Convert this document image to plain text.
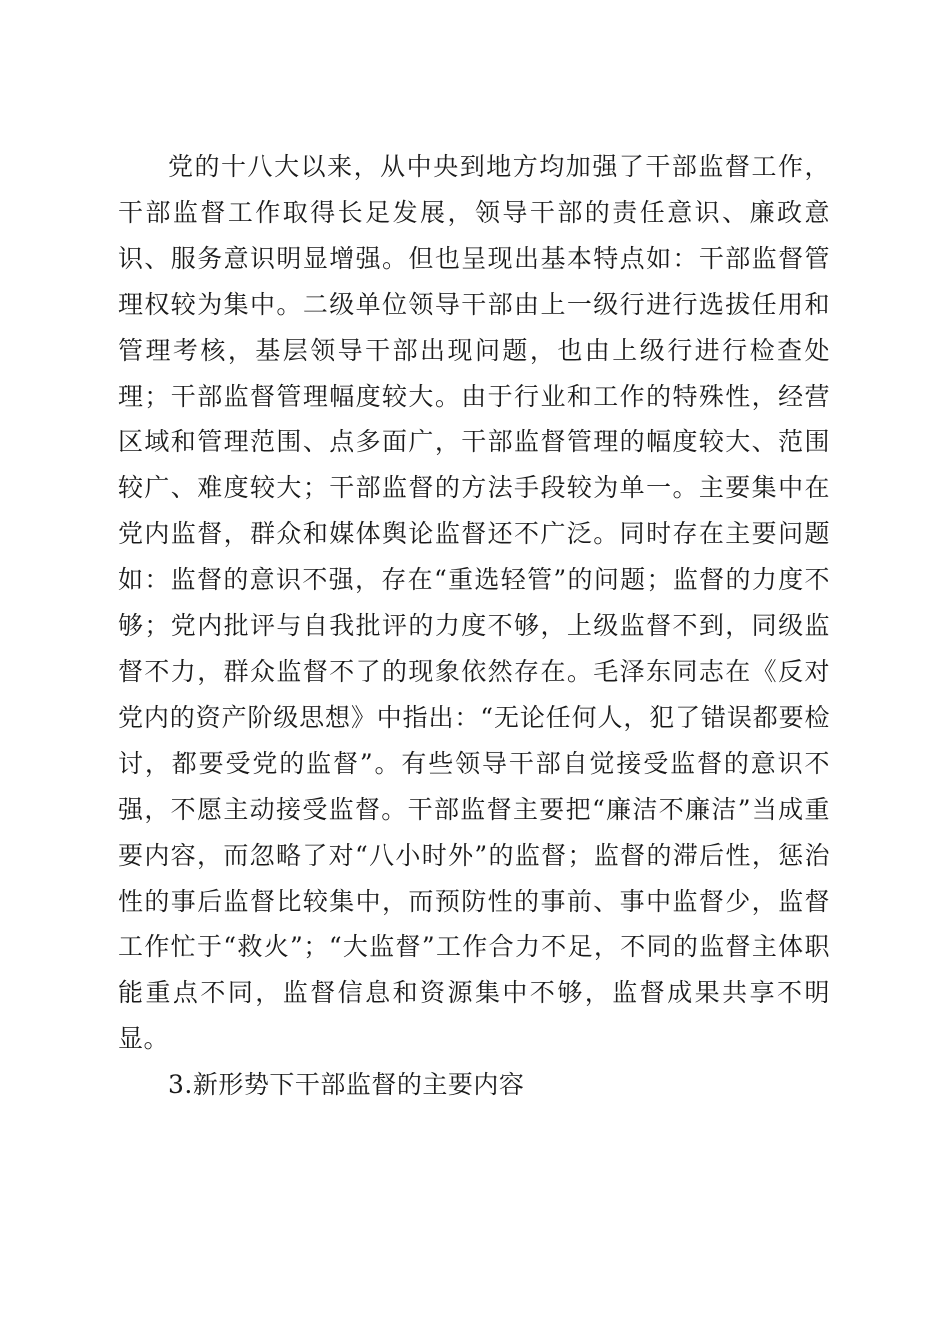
党的十八大以来，从中央到地方均加强了干部监督工作，干部监督工作取得长足发展，领导干部的责任意识、廉政意识、服务意识明显增强。但也呈现出基本特点如：干部监督管理权较为集中。二级单位领导干部由上一级行进行选拔任用和管理考核，基层领导干部出现问题，也由上级行进行检查处理；干部监督管理幅度较大。由于行业和工作的特殊性，经营区域和管理范围、点多面广，干部监督管理的幅度较大、范围较广、难度较大；干部监督的方法手段较为单一。主要集中在党内监督，群众和媒体舆论监督还不广泛。同时存在主要问题如：监督的意识不强，存在“重选轻管”的问题；监督的力度不够；党内批评与自我批评的力度不够，上级监督不到，同级监督不力，群众监督不了的现象依然存在。毛泽东同志在《反对党内的资产阶级思想》中指出：“无论任何人，犯了错误都要检讨，都要受党的监督”。有些领导干部自觉接受监督的意识不强，不愿主动接受监督。干部监督主要把“廉洁不廉洁”当成重要内容，而忽略了对“八小时外”的监督；监督的滞后性，惩治性的事后监督比较集中，而预防性的事前、事中监督少，监督工作忙于“救火”；“大监督”工作合力不足，不同的监督主体职能重点不同，监督信息和资源集中不够，监督成果共享不明显。

3.新形势下干部监督的主要内容
